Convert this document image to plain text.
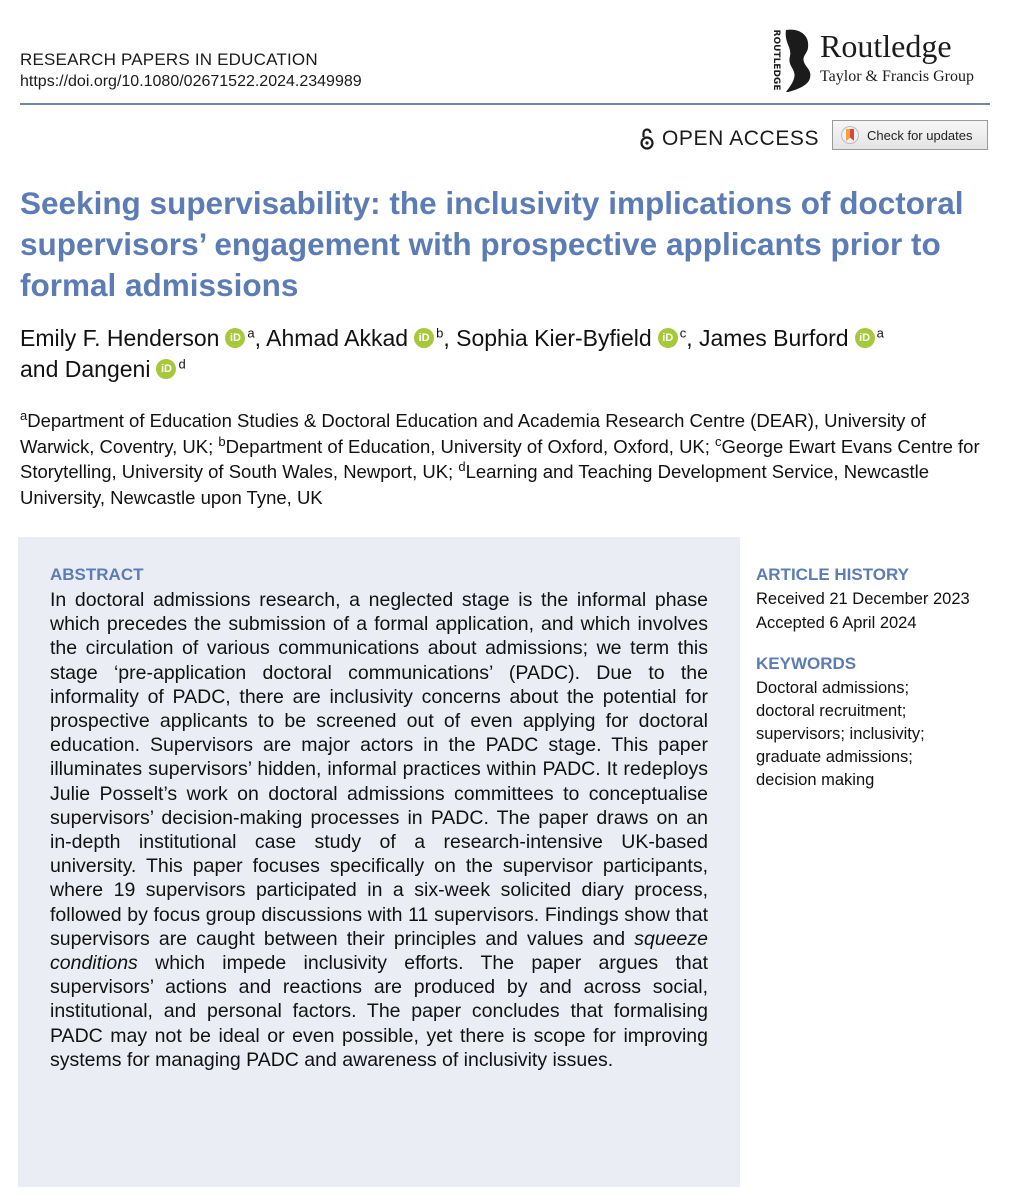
RESEARCH PAPERS IN EDUCATION
https://doi.org/10.1080/02671522.2024.2349989	ROUTLEDGE Routledge
Taylor & Francis Group
OPEN ACCESS	Check for updates
Seeking supervisability: the inclusivity implications of doctoral supervisors’ engagement with prospective applicants prior to formal admissions
Emily F. Henderson iD $^a$, Ahmad Akkad iD $^b$, Sophia Kier-Byfield iD $^c$, James Burford iD $^a$
and Dangeni iD $^d$
$^a$Department of Education Studies & Doctoral Education and Academia Research Centre (DEAR), University of Warwick, Coventry, UK; $^b$Department of Education, University of Oxford, Oxford, UK; $^c$George Ewart Evans Centre for Storytelling, University of South Wales, Newport, UK; $^d$Learning and Teaching Development Service, Newcastle University, Newcastle upon Tyne, UK
ABSTRACT
In doctoral admissions research, a neglected stage is the informal phase which precedes the submission of a formal application, and which involves the circulation of various communications about admissions; we term this stage ‘pre-application doctoral communications’ (PADC). Due to the informality of PADC, there are inclusivity concerns about the potential for prospective applicants to be screened out of even applying for doctoral education. Supervisors are major actors in the PADC stage. This paper illuminates supervisors’ hidden, informal practices within PADC. It redeploys Julie Posselt’s work on doctoral admissions committees to conceptualise supervisors’ decision-making processes in PADC. The paper draws on an in-depth institutional case study of a research-intensive UK-based university. This paper focuses specifically on the supervisor participants, where 19 supervisors participated in a six-week solicited diary process, followed by focus group discussions with 11 supervisors. Findings show that supervisors are caught between their principles and values and squeeze conditions which impede inclusivity efforts. The paper argues that supervisors’ actions and reactions are produced by and across social, institutional, and personal factors. The paper concludes that formalising PADC may not be ideal or even possible, yet there is scope for improving systems for managing PADC and awareness of inclusivity issues.
ARTICLE HISTORY
Received 21 December 2023
Accepted 6 April 2024
KEYWORDS
Doctoral admissions;
doctoral recruitment;
supervisors; inclusivity;
graduate admissions;
decision making
